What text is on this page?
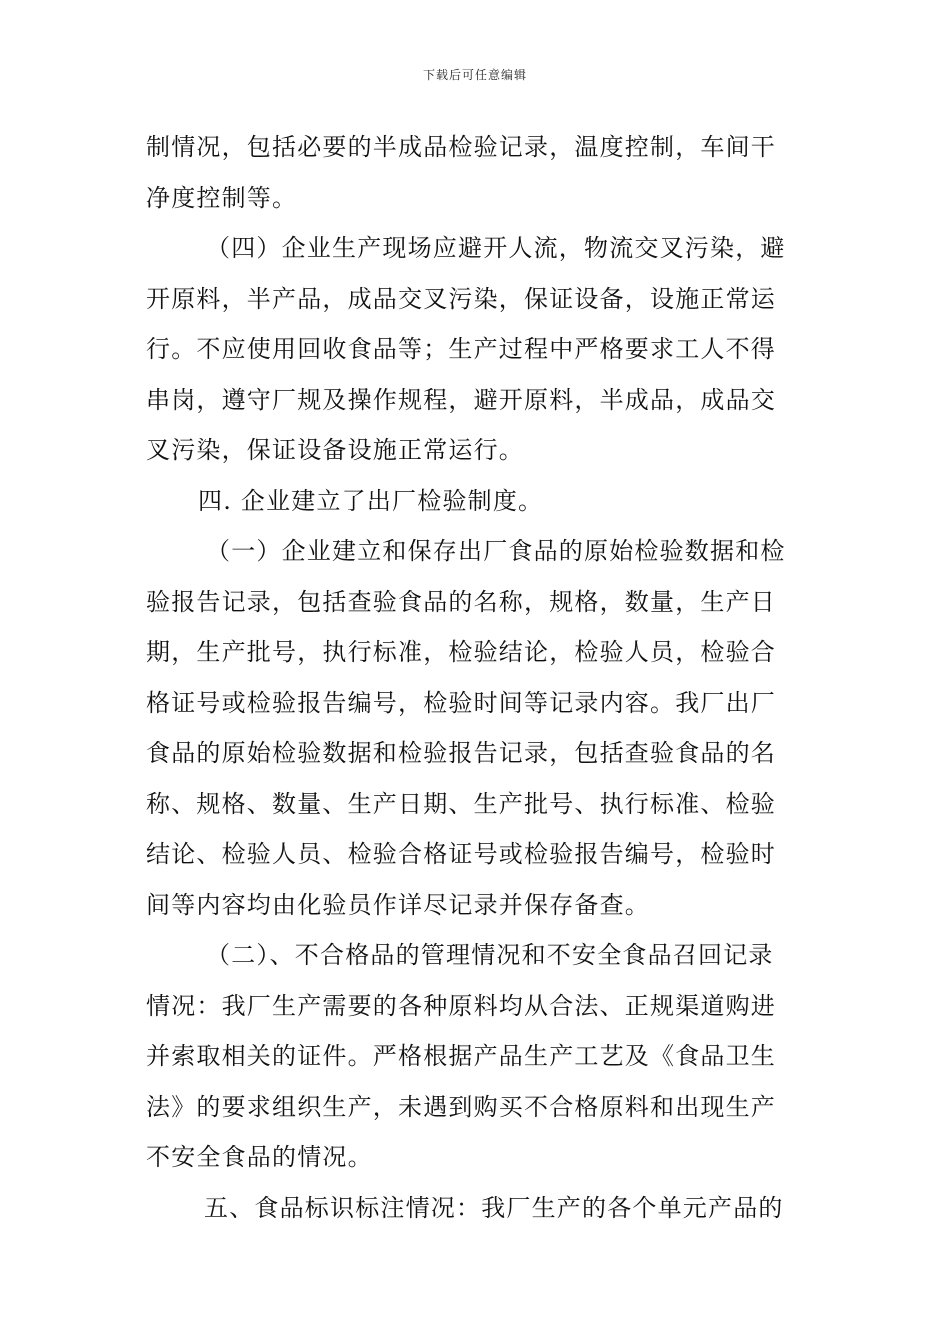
下载后可任意编辑
制情况，包括必要的半成品检验记录，温度控制，车间干
净度控制等。
（四）企业生产现场应避开人流，物流交叉污染，避
开原料，半产品，成品交叉污染，保证设备，设施正常运
行。不应使用回收食品等；生产过程中严格要求工人不得
串岗，遵守厂规及操作规程，避开原料，半成品，成品交
叉污染，保证设备设施正常运行。
四. 企业建立了出厂检验制度。
（一）企业建立和保存出厂食品的原始检验数据和检
验报告记录，包括查验食品的名称，规格，数量，生产日
期，生产批号，执行标准，检验结论，检验人员，检验合
格证号或检验报告编号，检验时间等记录内容。我厂出厂
食品的原始检验数据和检验报告记录，包括查验食品的名
称、规格、数量、生产日期、生产批号、执行标准、检验
结论、检验人员、检验合格证号或检验报告编号，检验时
间等内容均由化验员作详尽记录并保存备查。
（二）、不合格品的管理情况和不安全食品召回记录
情况：我厂生产需要的各种原料均从合法、正规渠道购进
并索取相关的证件。严格根据产品生产工艺及《食品卫生
法》的要求组织生产，未遇到购买不合格原料和出现生产
不安全食品的情况。
五、食品标识标注情况：我厂生产的各个单元产品的
